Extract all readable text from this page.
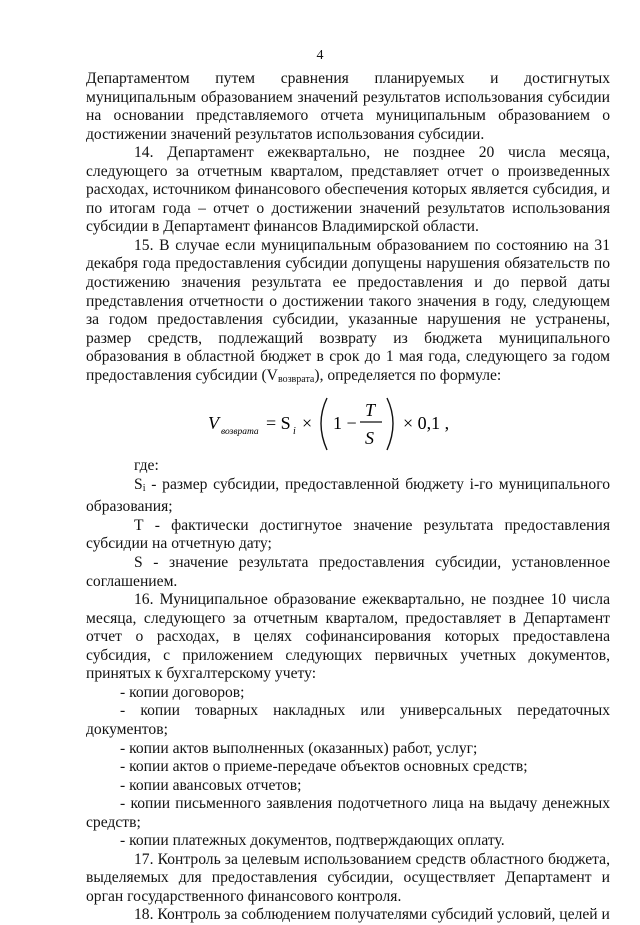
4

Департаментом путем сравнения планируемых и достигнутых муниципальным образованием значений результатов использования субсидии на основании представляемого отчета муниципальным образованием о достижении значений результатов использования субсидии.

14. Департамент ежеквартально, не позднее 20 числа месяца, следующего за отчетным кварталом, представляет отчет о произведенных расходах, источником финансового обеспечения которых является субсидия, и по итогам года – отчет о достижении значений результатов использования субсидии в Департамент финансов Владимирской области.

15. В случае если муниципальным образованием по состоянию на 31 декабря года предоставления субсидии допущены нарушения обязательств по достижению значения результата ее предоставления и до первой даты представления отчетности о достижении такого значения в году, следующем за годом предоставления субсидии, указанные нарушения не устранены, размер средств, подлежащий возврату из бюджета муниципального образования в областной бюджет в срок до 1 мая года, следующего за годом предоставления субсидии $(V_{возврата})$, определяется по формуле:

V возврата = S i × 1 −
T
S
× 0,1 ,

где:

$S_i$ - размер субсидии, предоставленной бюджету i-го муниципального образования;

Т - фактически достигнутое значение результата предоставления субсидии на отчетную дату;

S - значение результата предоставления субсидии, установленное соглашением.

16. Муниципальное образование ежеквартально, не позднее 10 числа месяца, следующего за отчетным кварталом, предоставляет в Департамент отчет о расходах, в целях софинансирования которых предоставлена субсидия, с приложением следующих первичных учетных документов, принятых к бухгалтерскому учету:

- копии договоров;

- копии товарных накладных или универсальных передаточных документов;

- копии актов выполненных (оказанных) работ, услуг;

- копии актов о приеме-передаче объектов основных средств;

- копии авансовых отчетов;

- копии письменного заявления подотчетного лица на выдачу денежных средств;

- копии платежных документов, подтверждающих оплату.

17. Контроль за целевым использованием средств областного бюджета, выделяемых для предоставления субсидии, осуществляет Департамент и орган государственного финансового контроля.

18. Контроль за соблюдением получателями субсидий условий, целей и
